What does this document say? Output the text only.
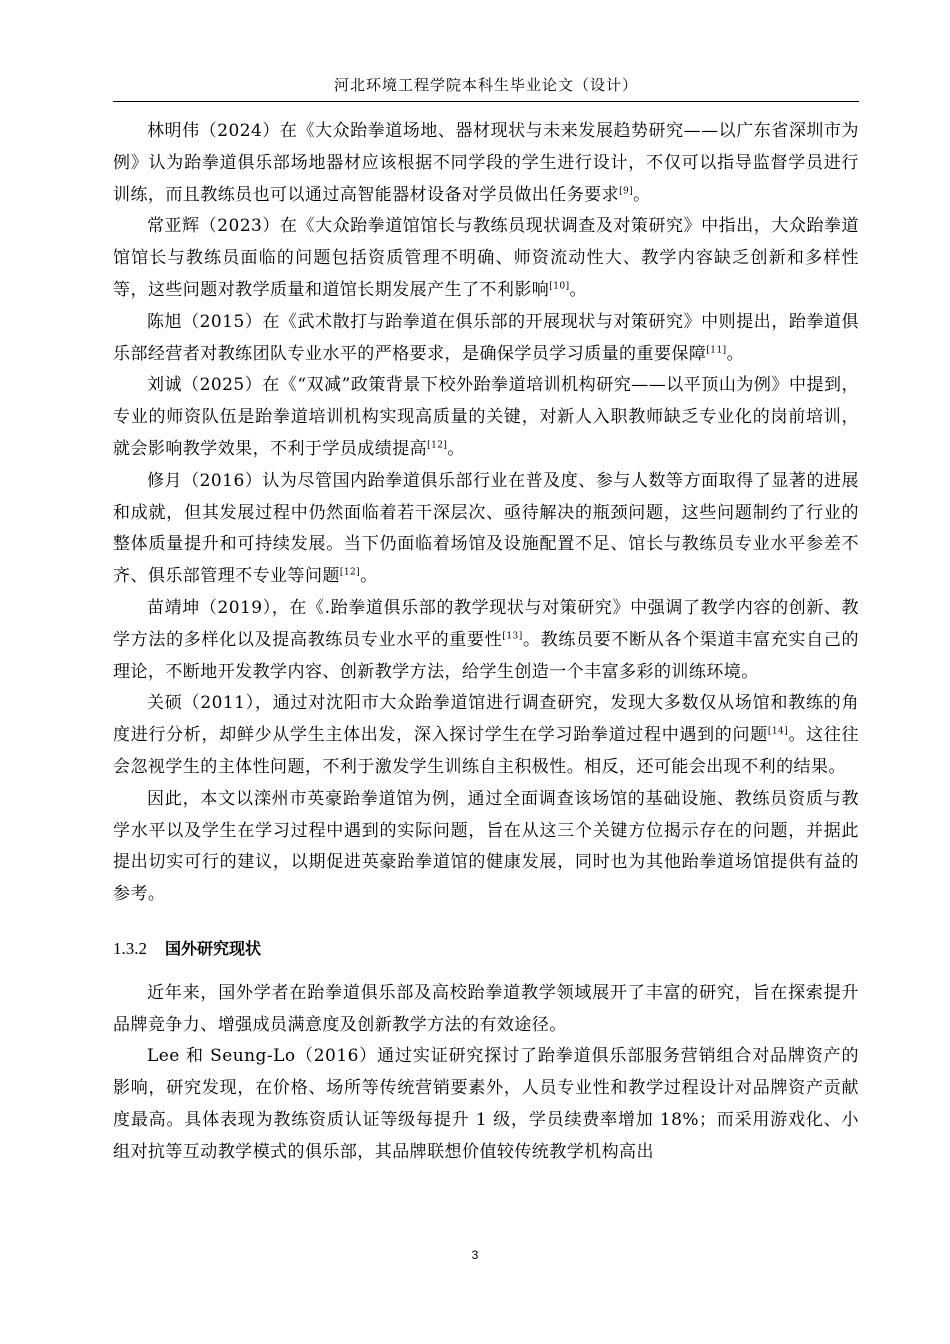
河北环境工程学院本科生毕业论文（设计）

林明伟（2024）在《大众跆拳道场地、器材现状与未来发展趋势研究——以广东省深圳市为例》认为跆拳道俱乐部场地器材应该根据不同学段的学生进行设计，不仅可以指导监督学员进行训练，而且教练员也可以通过高智能器材设备对学员做出任务要求[9]。

常亚辉（2023）在《大众跆拳道馆馆长与教练员现状调查及对策研究》中指出，大众跆拳道馆馆长与教练员面临的问题包括资质管理不明确、师资流动性大、教学内容缺乏创新和多样性等，这些问题对教学质量和道馆长期发展产生了不利影响[10]。

陈旭（2015）在《武术散打与跆拳道在俱乐部的开展现状与对策研究》中则提出，跆拳道俱乐部经营者对教练团队专业水平的严格要求，是确保学员学习质量的重要保障[11]。

刘诚（2025）在《“双减”政策背景下校外跆拳道培训机构研究——以平顶山为例》中提到，专业的师资队伍是跆拳道培训机构实现高质量的关键，对新人入职教师缺乏专业化的岗前培训，就会影响教学效果，不利于学员成绩提高[12]。

修月（2016）认为尽管国内跆拳道俱乐部行业在普及度、参与人数等方面取得了显著的进展和成就，但其发展过程中仍然面临着若干深层次、亟待解决的瓶颈问题，这些问题制约了行业的整体质量提升和可持续发展。当下仍面临着场馆及设施配置不足、馆长与教练员专业水平参差不齐、俱乐部管理不专业等问题[12]。

苗靖坤（2019），在《.跆拳道俱乐部的教学现状与对策研究》中强调了教学内容的创新、教学方法的多样化以及提高教练员专业水平的重要性[13]。教练员要不断从各个渠道丰富充实自己的理论，不断地开发教学内容、创新教学方法，给学生创造一个丰富多彩的训练环境。

关硕（2011），通过对沈阳市大众跆拳道馆进行调查研究，发现大多数仅从场馆和教练的角度进行分析，却鲜少从学生主体出发，深入探讨学生在学习跆拳道过程中遇到的问题[14]。这往往会忽视学生的主体性问题，不利于激发学生训练自主积极性。相反，还可能会出现不利的结果。

因此，本文以滦州市英豪跆拳道馆为例，通过全面调查该场馆的基础设施、教练员资质与教学水平以及学生在学习过程中遇到的实际问题，旨在从这三个关键方位揭示存在的问题，并据此提出切实可行的建议，以期促进英豪跆拳道馆的健康发展，同时也为其他跆拳道场馆提供有益的参考。

1.3.2 国外研究现状

近年来，国外学者在跆拳道俱乐部及高校跆拳道教学领域展开了丰富的研究，旨在探索提升品牌竞争力、增强成员满意度及创新教学方法的有效途径。

Lee 和 Seung-Lo（2016）通过实证研究探讨了跆拳道俱乐部服务营销组合对品牌资产的影响，研究发现，在价格、场所等传统营销要素外，人员专业性和教学过程设计对品牌资产贡献度最高。具体表现为教练资质认证等级每提升 1 级，学员续费率增加 18%；而采用游戏化、小组对抗等互动教学模式的俱乐部，其品牌联想价值较传统教学机构高出

3
